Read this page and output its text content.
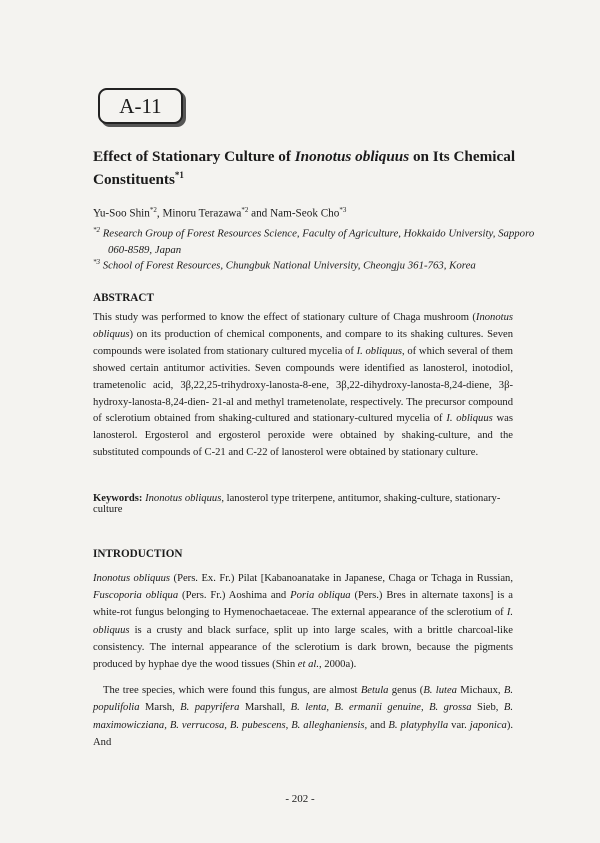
A-11
Effect of Stationary Culture of Inonotus obliquus on Its Chemical Constituents$^{*1}$
Yu-Soo Shin$^{*2}$, Minoru Terazawa$^{*2}$ and Nam-Seok Cho$^{*3}$
$^{*2}$ Research Group of Forest Resources Science, Faculty of Agriculture, Hokkaido University, Sapporo
060-8589, Japan
$^{*3}$ School of Forest Resources, Chungbuk National University, Cheongju 361-763, Korea
ABSTRACT
This study was performed to know the effect of stationary culture of Chaga mushroom (Inonotus obliquus) on its production of chemical components, and compare to its shaking cultures. Seven compounds were isolated from stationary cultured mycelia of I. obliquus, of which several of them showed certain antitumor activities. Seven compounds were identified as lanosterol, inotodiol, trametenolic acid, 3β,22,25-trihydroxy-lanosta-8-ene, 3β,22-dihydroxy-lanosta-8,24-diene, 3β-hydroxy-lanosta-8,24-dien- 21-al and methyl trametenolate, respectively. The precursor compound of sclerotium obtained from shaking-cultured and stationary-cultured mycelia of I. obliquus was lanosterol. Ergosterol and ergosterol peroxide were obtained by shaking-culture, and the substituted compounds of C-21 and C-22 of lanosterol were obtained by stationary culture.
Keywords: Inonotus obliquus, lanosterol type triterpene, antitumor, shaking-culture, stationary-culture
INTRODUCTION

Inonotus obliquus (Pers. Ex. Fr.) Pilat [Kabanoanatake in Japanese, Chaga or Tchaga in Russian, Fuscoporia obliqua (Pers. Fr.) Aoshima and Poria obliqua (Pers.) Bres in alternate taxons] is a white-rot fungus belonging to Hymenochaetaceae. The external appearance of the sclerotium of I. obliquus is a crusty and black surface, split up into large scales, with a brittle charcoal-like consistency. The internal appearance of the sclerotium is dark brown, because the pigments produced by hyphae dye the wood tissues (Shin et al., 2000a).

The tree species, which were found this fungus, are almost Betula genus (B. lutea Michaux, B. populifolia Marsh, B. papyrifera Marshall, B. lenta, B. ermanii genuine, B. grossa Sieb, B. maximowicziana, B. verrucosa, B. pubescens, B. alleghaniensis, and B. platyphylla var. japonica). And

- 202 -
